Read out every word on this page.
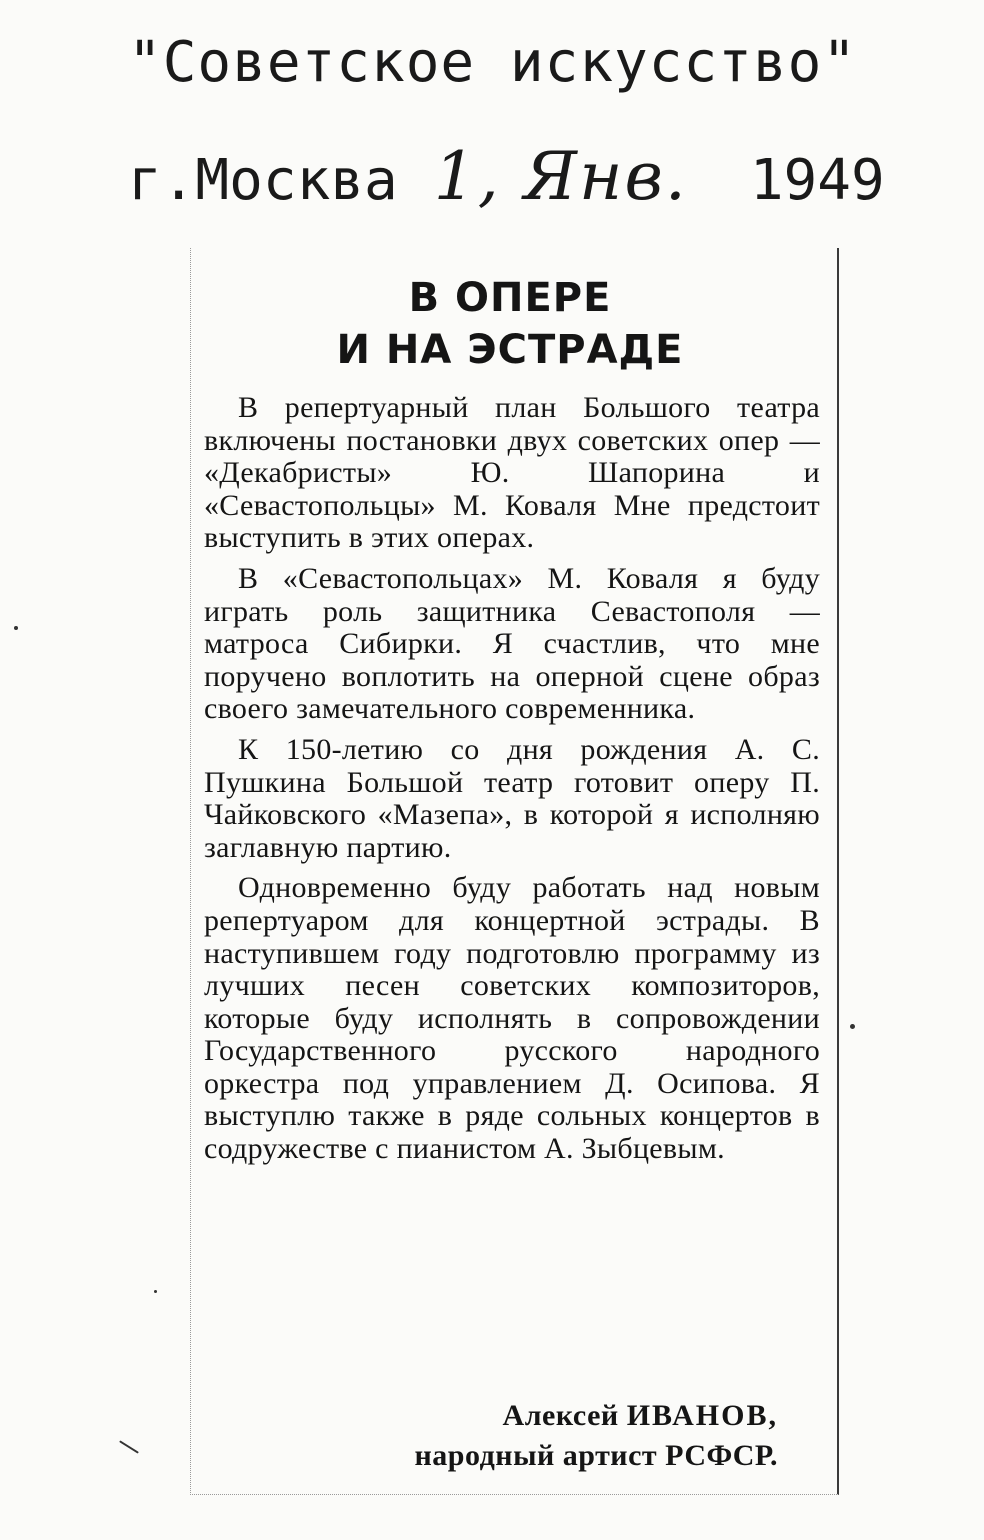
"Советское искусство"
г.Москва 1, Янв. 1949
В ОПЕРЕ
И НА ЭСТРАДЕ

В репертуарный план Большого театра включены постановки двух советских опер — «Декабристы» Ю. Шапорина и «Севастопольцы» М. Коваля Мне предстоит выступить в этих операх.

В «Севастопольцах» М. Коваля я буду играть роль защитника Севастополя — матроса Сибирки. Я счастлив, что мне поручено воплотить на оперной сцене образ своего замечательного современника.

К 150-летию со дня рождения А. С. Пушкина Большой театр готовит оперу П. Чайковского «Мазепа», в которой я исполняю заглавную партию.

Одновременно буду работать над новым репертуаром для концертной эстрады. В наступившем году подготовлю программу из лучших песен советских композиторов, которые буду исполнять в сопровождении Государственного русского народного оркестра под управлением Д. Осипова. Я выступлю также в ряде сольных концертов в содружестве с пианистом А. Зыбцевым.

Алексей ИВАНОВ,
народный артист РСФСР.
